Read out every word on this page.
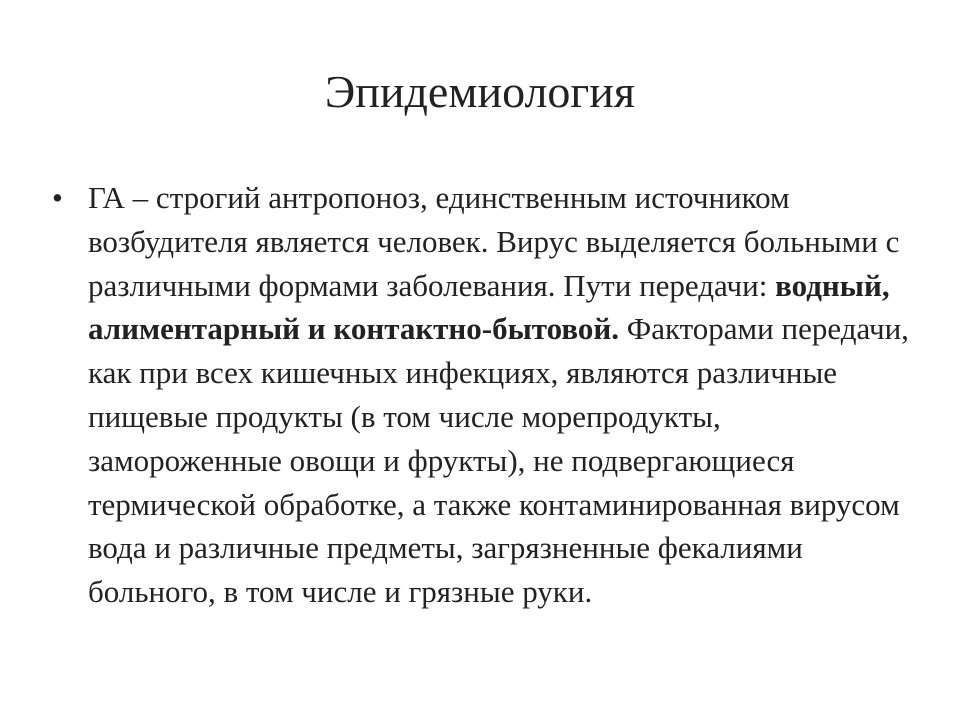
Эпидемиология
• ГА – строгий антропоноз, единственным источником возбудителя является человек. Вирус выделяется больными с различными формами заболевания. Пути передачи: водный, алиментарный и контактно-бытовой. Факторами передачи, как при всех кишечных инфекциях, являются различные пищевые продукты (в том числе морепродукты, замороженные овощи и фрукты), не подвергающиеся термической обработке, а также контаминированная вирусом вода и различные предметы, загрязненные фекалиями больного, в том числе и грязные руки.
